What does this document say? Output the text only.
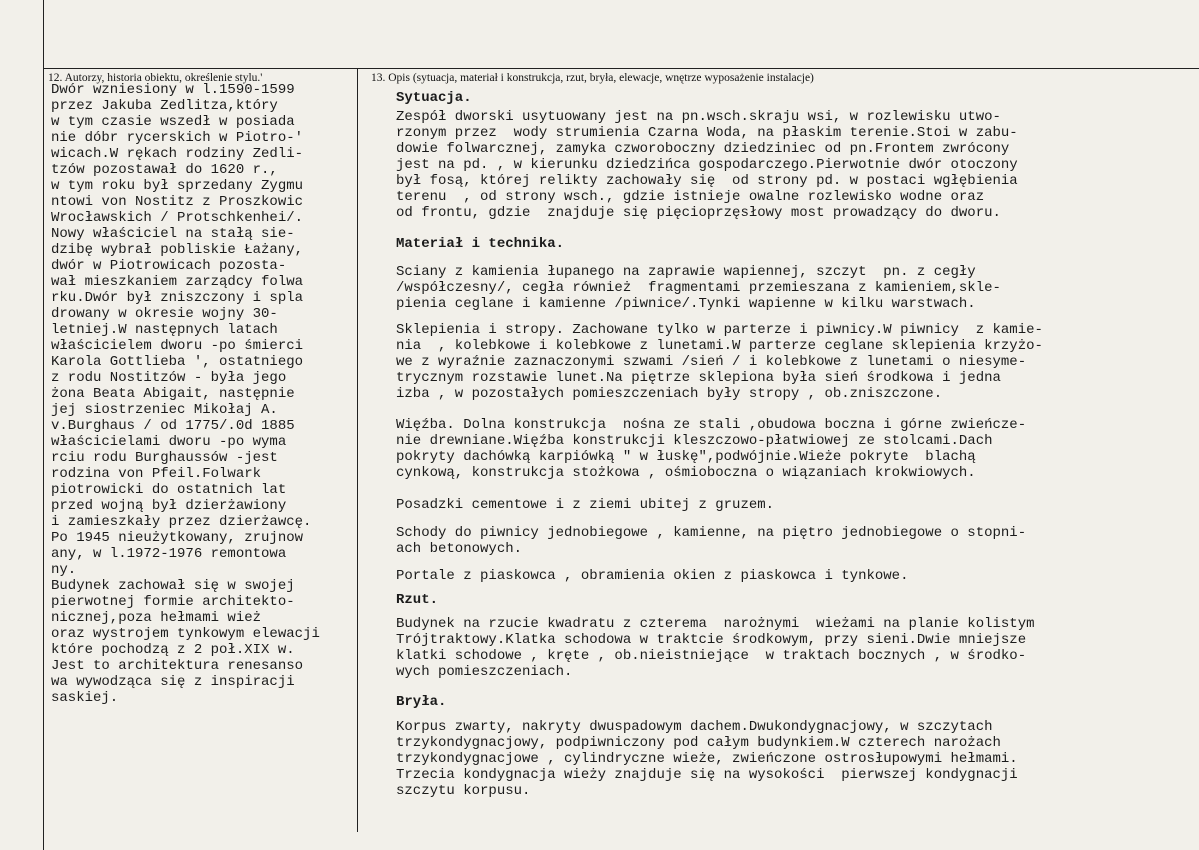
12. Autorzy, historia obiektu, określenie stylu.'	13. Opis (sytuacja, materiał i konstrukcja, rzut, bryła, elewacje, wnętrze wyposażenie instalacje)
Dwór wzniesiony w l.1590-1599
przez Jakuba Zedlitza,który
w tym czasie wszedł w posiada
nie dóbr rycerskich w Piotro-'
wicach.W rękach rodziny Zedli-
tzów pozostawał do 1620 r.,
w tym roku był sprzedany Zygmu
ntowi von Nostitz z Proszkowic
Wrocławskich / Protschkenhei/.
Nowy właściciel na stałą sie-
dzibę wybrał pobliskie Łażany,
dwór w Piotrowicach pozosta-
wał mieszkaniem zarządcy folwa
rku.Dwór był zniszczony i spla
drowany w okresie wojny 30-
letniej.W następnych latach
właścicielem dworu -po śmierci
Karola Gottlieba ', ostatniego
z rodu Nostitzów - była jego
żona Beata Abigait, następnie
jej siostrzeniec Mikołaj A.
v.Burghaus / od 1775/.0d 1885
właścicielami dworu -po wyma
rciu rodu Burghaussów -jest
rodzina von Pfeil.Folwark
piotrowicki do ostatnich lat
przed wojną był dzierżawiony
i zamieszkały przez dzierżawcę.
Po 1945 nieużytkowany, zrujnow
any, w l.1972-1976 remontowa
ny.
Budynek zachował się w swojej
pierwotnej formie architekto-
nicznej,poza hełmami wież
oraz wystrojem tynkowym elewacji
które pochodzą z 2 poł.XIX w.
Jest to architektura renesanso
wa wywodząca się z inspiracji
saskiej.
Sytuacja.
Zespół dworski usytuowany jest na pn.wsch.skraju wsi, w rozlewisku utwo-
rzonym przez  wody strumienia Czarna Woda, na płaskim terenie.Stoi w zabu-
dowie folwarcznej, zamyka czworoboczny dziedziniec od pn.Frontem zwrócony
jest na pd. , w kierunku dziedzińca gospodarczego.Pierwotnie dwór otoczony
był fosą, której relikty zachowały się  od strony pd. w postaci wgłębienia
terenu  , od strony wsch., gdzie istnieje owalne rozlewisko wodne oraz
od frontu, gdzie  znajduje się pięcioprzęsłowy most prowadzący do dworu.
Materiał i technika.
Sciany z kamienia łupanego na zaprawie wapiennej, szczyt  pn. z cegły
/współczesny/, cegła również  fragmentami przemieszana z kamieniem,skle-
pienia ceglane i kamienne /piwnice/.Tynki wapienne w kilku warstwach.
Sklepienia i stropy. Zachowane tylko w parterze i piwnicy.W piwnicy  z kamie-
nia  , kolebkowe i kolebkowe z lunetami.W parterze ceglane sklepienia krzyżo-
we z wyraźnie zaznaczonymi szwami /sień / i kolebkowe z lunetami o niesyme-
trycznym rozstawie lunet.Na piętrze sklepiona była sień środkowa i jedna
izba , w pozostałych pomieszczeniach były stropy , ob.zniszczone.
Więźba. Dolna konstrukcja  nośna ze stali ,obudowa boczna i górne zwieńcze-
nie drewniane.Więźba konstrukcji kleszczowo-płatwiowej ze stolcami.Dach
pokryty dachówką karpiówką " w łuskę",podwójnie.Wieże pokryte  blachą
cynkową, konstrukcja stożkowa , ośmioboczna o wiązaniach krokwiowych.
Posadzki cementowe i z ziemi ubitej z gruzem.
Schody do piwnicy jednobiegowe , kamienne, na piętro jednobiegowe o stopni-
ach betonowych.
Portale z piaskowca , obramienia okien z piaskowca i tynkowe.
Rzut.
Budynek na rzucie kwadratu z czterema  narożnymi  wieżami na planie kolistym
Trójtraktowy.Klatka schodowa w traktcie środkowym, przy sieni.Dwie mniejsze
klatki schodowe , kręte , ob.nieistniejące  w traktach bocznych , w środko-
wych pomieszczeniach.
Bryła.
Korpus zwarty, nakryty dwuspadowym dachem.Dwukondygnacjowy, w szczytach
trzykondygnacjowy, podpiwniczony pod całym budynkiem.W czterech narożach
trzykondygnacjowe , cylindryczne wieże, zwieńczone ostrosłupowymi hełmami.
Trzecia kondygnacja wieży znajduje się na wysokości  pierwszej kondygnacji
szczytu korpusu.
